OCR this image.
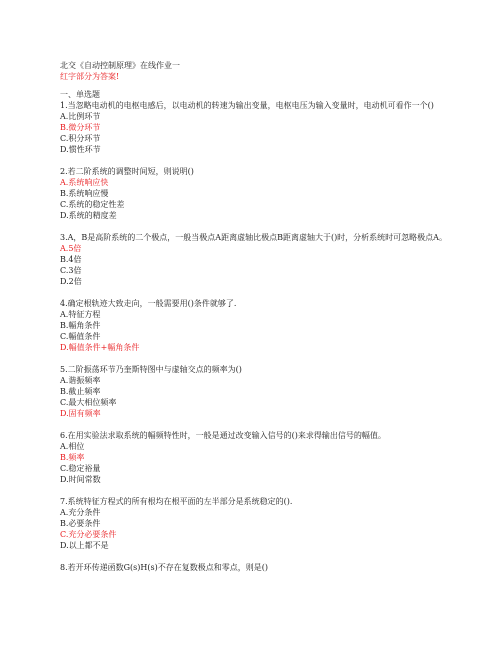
北交《自动控制原理》在线作业一
红字部分为答案!
一、单选题
1.当忽略电动机的电枢电感后，以电动机的转速为输出变量，电枢电压为输入变量时，电动机可看作一个()
A.比例环节
B.微分环节
C.积分环节
D.惯性环节
2.若二阶系统的调整时间短，则说明()
A.系统响应快
B.系统响应慢
C.系统的稳定性差
D.系统的精度差
3.A，B是高阶系统的二个极点，一般当极点A距离虚轴比极点B距离虚轴大于()时，分析系统时可忽略极点A。
A.5倍
B.4倍
C.3倍
D.2倍
4.确定根轨迹大致走向，一般需要用()条件就够了.
A.特征方程
B.幅角条件
C.幅值条件
D.幅值条件+幅角条件
5.二阶振荡环节乃奎斯特图中与虚轴交点的频率为()
A.谐振频率
B.截止频率
C.最大相位频率
D.固有频率
6.在用实验法求取系统的幅频特性时，一般是通过改变输入信号的()来求得输出信号的幅值。
A.相位
B.频率
C.稳定裕量
D.时间常数
7.系统特征方程式的所有根均在根平面的左半部分是系统稳定的().
A.充分条件
B.必要条件
C.充分必要条件
D.以上都不是
8.若开环传递函数G(s)H(s)不存在复数极点和零点，则是()
